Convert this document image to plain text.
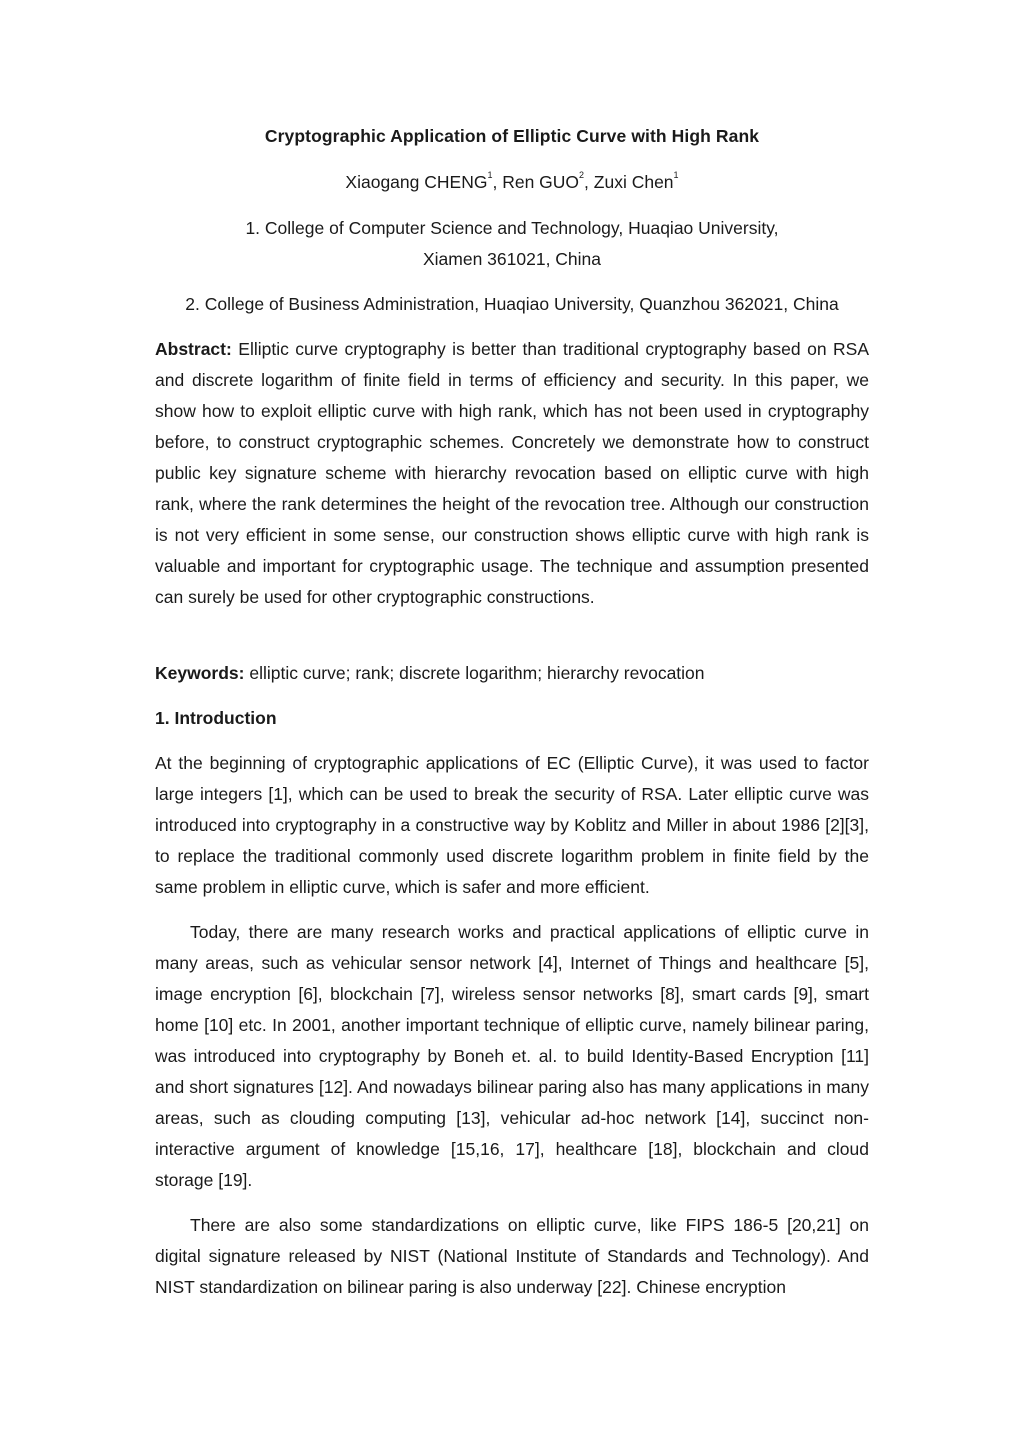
Cryptographic Application of Elliptic Curve with High Rank
Xiaogang CHENG$^1$, Ren GUO$^2$, Zuxi Chen$^1$
1. College of Computer Science and Technology, Huaqiao University,
Xiamen 361021, China
2. College of Business Administration, Huaqiao University, Quanzhou 362021, China
Abstract: Elliptic curve cryptography is better than traditional cryptography based on RSA and discrete logarithm of finite field in terms of efficiency and security. In this paper, we show how to exploit elliptic curve with high rank, which has not been used in cryptography before, to construct cryptographic schemes. Concretely we demonstrate how to construct public key signature scheme with hierarchy revocation based on elliptic curve with high rank, where the rank determines the height of the revocation tree. Although our construction is not very efficient in some sense, our construction shows elliptic curve with high rank is valuable and important for cryptographic usage. The technique and assumption presented can surely be used for other cryptographic constructions.
Keywords: elliptic curve; rank; discrete logarithm; hierarchy revocation
1. Introduction
At the beginning of cryptographic applications of EC (Elliptic Curve), it was used to factor large integers [1], which can be used to break the security of RSA. Later elliptic curve was introduced into cryptography in a constructive way by Koblitz and Miller in about 1986 [2][3], to replace the traditional commonly used discrete logarithm problem in finite field by the same problem in elliptic curve, which is safer and more efficient.
Today, there are many research works and practical applications of elliptic curve in many areas, such as vehicular sensor network [4], Internet of Things and healthcare [5], image encryption [6], blockchain [7], wireless sensor networks [8], smart cards [9], smart home [10] etc. In 2001, another important technique of elliptic curve, namely bilinear paring, was introduced into cryptography by Boneh et. al. to build Identity-Based Encryption [11] and short signatures [12]. And nowadays bilinear paring also has many applications in many areas, such as clouding computing [13], vehicular ad-hoc network [14], succinct non-interactive argument of knowledge [15,16, 17], healthcare [18], blockchain and cloud storage [19].
There are also some standardizations on elliptic curve, like FIPS 186-5 [20,21] on digital signature released by NIST (National Institute of Standards and Technology). And NIST standardization on bilinear paring is also underway [22]. Chinese encryption
